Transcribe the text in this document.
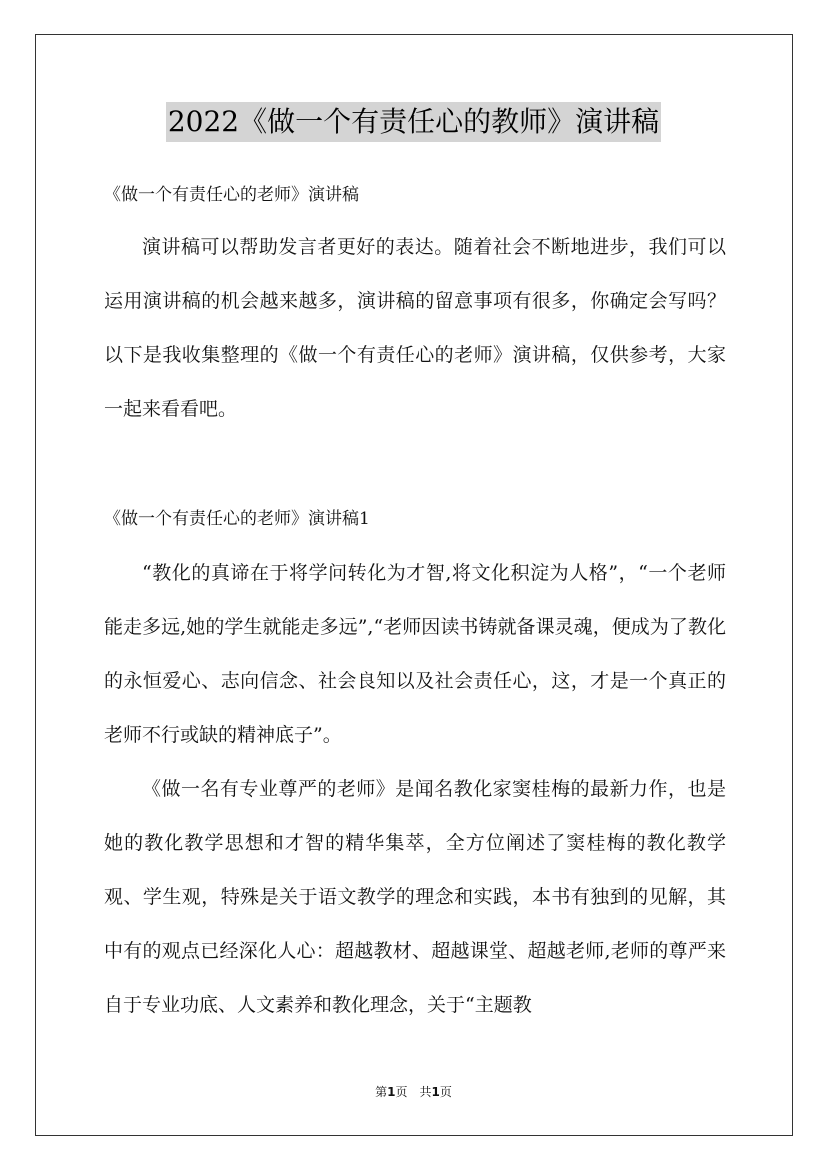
2022《做一个有责任心的教师》演讲稿
《做一个有责任心的老师》演讲稿

演讲稿可以帮助发言者更好的表达。随着社会不断地进步，我们可以运用演讲稿的机会越来越多，演讲稿的留意事项有很多，你确定会写吗？以下是我收集整理的《做一个有责任心的老师》演讲稿，仅供参考，大家一起来看看吧。

《做一个有责任心的老师》演讲稿1

“教化的真谛在于将学问转化为才智,将文化积淀为人格”，“一个老师能走多远,她的学生就能走多远”,“老师因读书铸就备课灵魂，便成为了教化的永恒爱心、志向信念、社会良知以及社会责任心，这，才是一个真正的老师不行或缺的精神底子”。

《做一名有专业尊严的老师》是闻名教化家窦桂梅的最新力作，也是她的教化教学思想和才智的精华集萃，全方位阐述了窦桂梅的教化教学观、学生观，特殊是关于语文教学的理念和实践，本书有独到的见解，其中有的观点已经深化人心：超越教材、超越课堂、超越老师,老师的尊严来自于专业功底、人文素养和教化理念，关于“主题教

第1页　共1页
